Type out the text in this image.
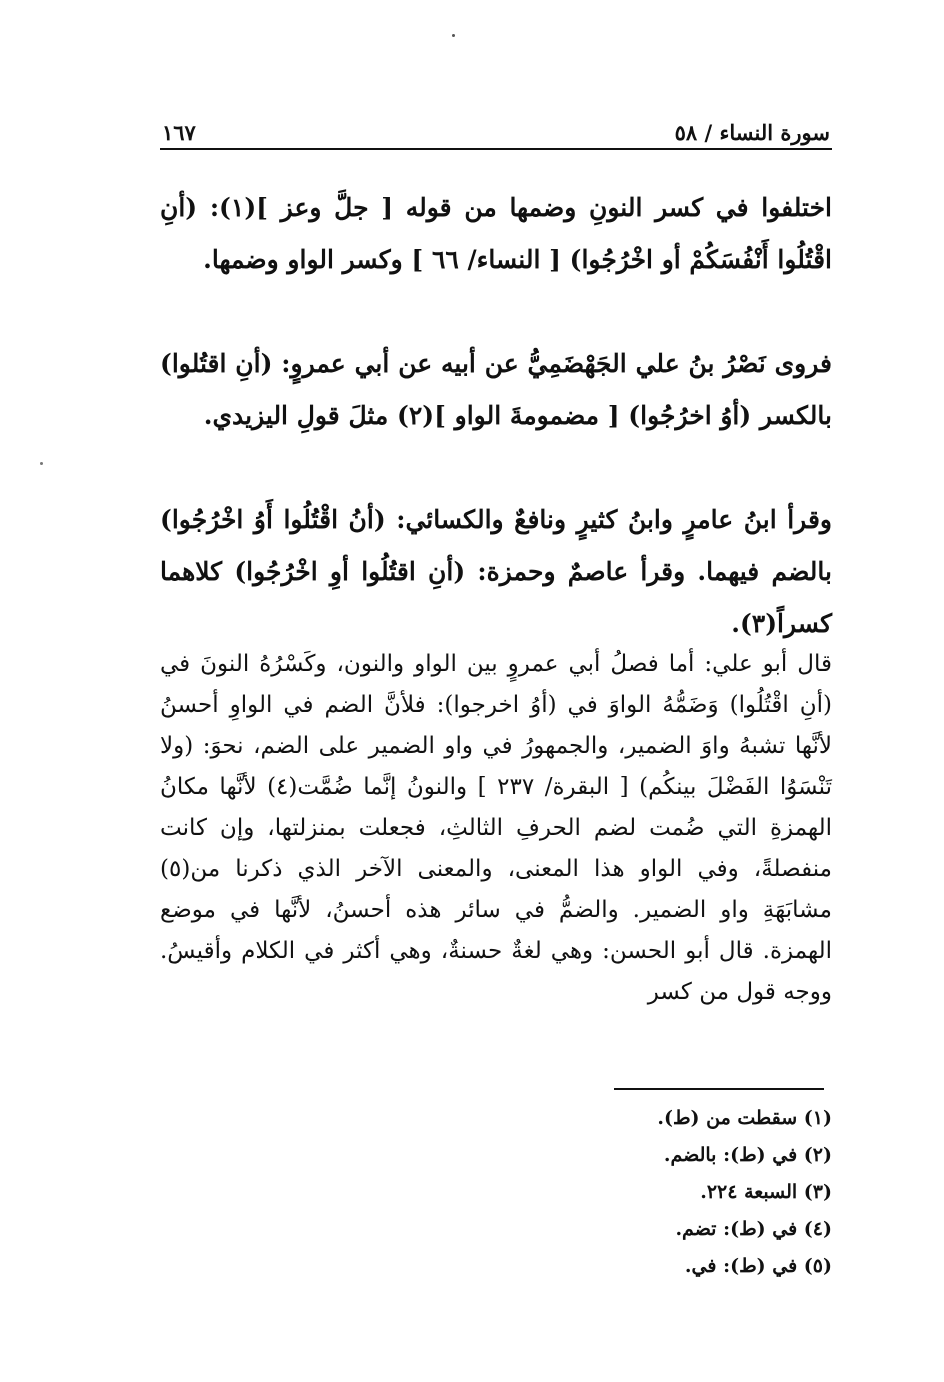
سورة النساء / ٥٨
١٦٧

اختلفوا في كسر النونِ وضمها من قوله [ جلَّ وعز ](١): (أنِ اقْتُلُوا أَنْفُسَكُمْ أو اخْرُجُوا) [ النساء/ ٦٦ ] وكسر الواو وضمها.

فروى نَصْرُ بنُ علي الجَهْضَمِيُّ عن أبيه عن أبي عمروٍ: (أنِ اقتُلوا) بالكسر (أوُ اخرُجُوا) [ مضمومةَ الواو ](٢) مثلَ قولِ اليزيدي.

وقرأ ابنُ عامرٍ وابنُ كثيرٍ ونافعٌ والكسائي: (أنُ اقْتُلُوا أَوُ اخْرُجُوا) بالضم فيهما. وقرأ عاصمٌ وحمزة: (أنِ اقتُلُوا أوِ اخْرُجُوا) كلاهما كسراً(٣).

قال أبو علي: أما فصلُ أبي عمروٍ بين الواو والنون، وكَسْرُهُ النونَ في (أنِ اقْتُلُوا) وَضَمُّهُ الواوَ في (أوُ اخرجوا): فلأنَّ الضم في الواوِ أحسنُ لأنَّها تشبهُ واوَ الضمير، والجمهورُ في واو الضمير على الضم، نحوَ: (ولا تَنْسَوُا الفَضْلَ بينكُم) [ البقرة/ ٢٣٧ ] والنونُ إنَّما ضُمَّت(٤) لأنَّها مكانُ الهمزةِ التي ضُمت لضم الحرفِ الثالثِ، فجعلت بمنزلتها، وإن كانت منفصلةً، وفي الواو هذا المعنى، والمعنى الآخر الذي ذكرنا من(٥) مشابَهَةِ واو الضمير. والضمُّ في سائر هذه أحسنُ، لأنَّها في موضع الهمزة. قال أبو الحسن: وهي لغةٌ حسنةٌ، وهي أكثر في الكلام وأقيسُ. ووجه قول من كسر

(١) سقطت من (ط).
(٢) في (ط): بالضم.
(٣) السبعة ٢٢٤.
(٤) في (ط): تضم.
(٥) في (ط): في.
